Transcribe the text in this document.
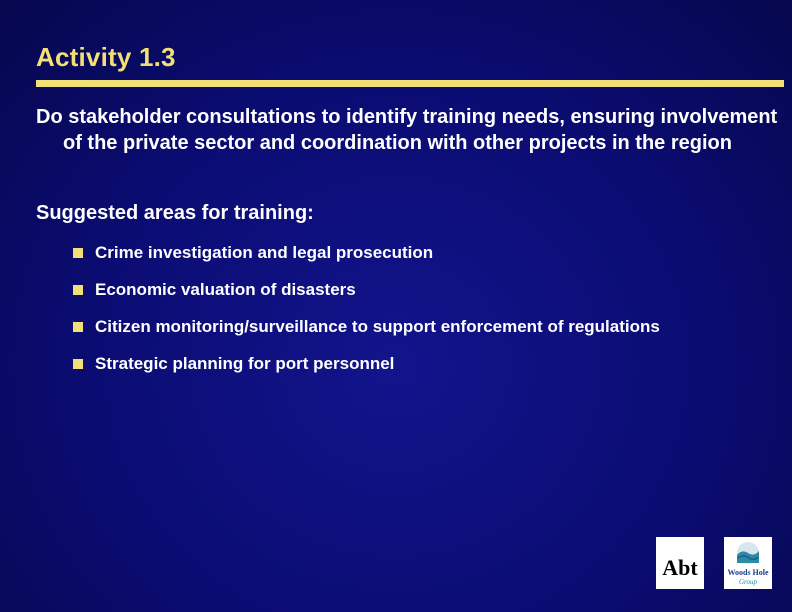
Activity 1.3
Do stakeholder consultations to identify training needs, ensuring involvement of the private sector and coordination with other projects in the region
Suggested areas for training:
Crime investigation and legal prosecution
Economic valuation of disasters
Citizen monitoring/surveillance to support enforcement of regulations
Strategic planning for port personnel
Abt	Woods Hole
Group
